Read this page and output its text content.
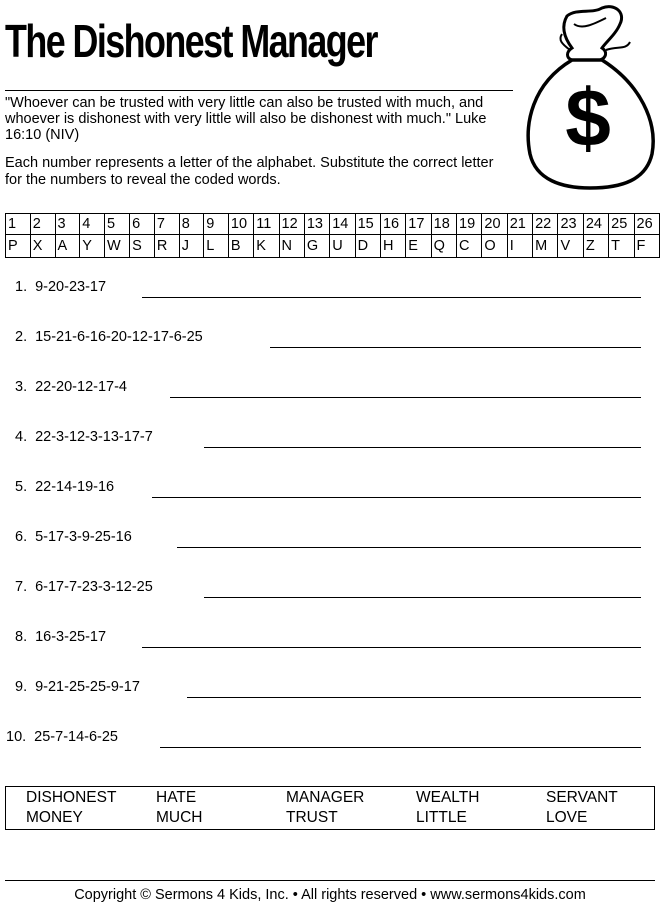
The Dishonest Manager
"Whoever can be trusted with very little can also be trusted with much, and whoever is dishonest with very little will also be dishonest with much." Luke 16:10 (NIV)
Each number represents a letter of the alphabet. Substitute the correct letter for the numbers to reveal the coded words.
$
1	2	3	4	5	6	7	8	9	10	11	12	13	14	15	16	17	18	19	20	21	22	23	24	25	26
P	X	A	Y	W	S	R	J	L	B	K	N	G	U	D	H	E	Q	C	O	I	M	V	Z	T	F
1. 9-20-23-17
2. 15-21-6-16-20-12-17-6-25
3. 22-20-12-17-4
4. 22-3-12-3-13-17-7
5. 22-14-19-16
6. 5-17-3-9-25-16
7. 6-17-7-23-3-12-25
8. 16-3-25-17
9. 9-21-25-25-9-17
10. 25-7-14-6-25
DISHONEST	HATE	MANAGER	WEALTH	SERVANT
MONEY	MUCH	TRUST	LITTLE	LOVE
Copyright © Sermons 4 Kids, Inc. • All rights reserved • www.sermons4kids.com
